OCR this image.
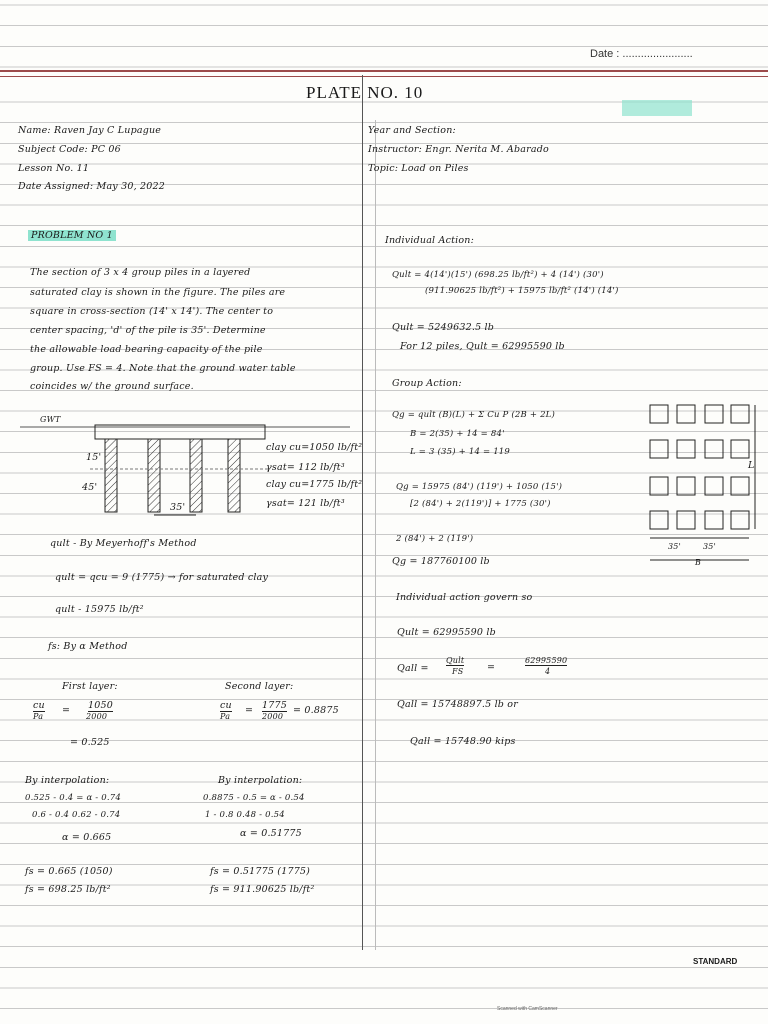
Date : .......................
PLATE NO. 10
Name: Raven Jay C Lupague
Subject Code: PC 06
Lesson No. 11
Date Assigned: May 30, 2022
Year and Section:
Instructor: Engr. Nerita M. Abarado
Topic: Load on Piles
PROBLEM NO 1
The section of 3 x 4 group piles in a layered
saturated clay is shown in the figure. The piles are
square in cross-section (14' x 14'). The center to
center spacing, 'd' of the pile is 35'. Determine
the allowable load bearing capacity of the pile
group. Use FS = 4. Note that the ground water table
coincides w/ the ground surface.
GWT
15'
45'
35'
clay cu=1050 lb/ft²
γsat= 112 lb/ft³
clay cu=1775 lb/ft²
γsat= 121 lb/ft³
qult - By Meyerhoff's Method
qult = qcu = 9 (1775) → for saturated clay
qult - 15975 lb/ft²
fs: By α Method
First layer:	Second layer:
cu
Pa
= 1050
2000
cu
Pa
= 1775
2000
= 0.8875
= 0.525
By interpolation:	By interpolation:
0.525 - 0.4 = α - 0.74
0.6 - 0.4 0.62 - 0.74
α = 0.665
0.8875 - 0.5 = α - 0.54
1 - 0.8 0.48 - 0.54
α = 0.51775
fs = 0.665 (1050)
fs = 698.25 lb/ft²
fs = 0.51775 (1775)
fs = 911.90625 lb/ft²
Individual Action:
Qult = 4(14')(15') (698.25 lb/ft²) + 4 (14') (30')
(911.90625 lb/ft²) + 15975 lb/ft² (14') (14')
Qult = 5249632.5 lb
For 12 piles, Qult = 62995590 lb
Group Action:
Qg = qult (B)(L) + Σ Cu P (2B + 2L)
B = 2(35) + 14 = 84'
L = 3 (35) + 14 = 119
Qg = 15975 (84') (119') + 1050 (15')
[2 (84') + 2(119')] + 1775 (30')
2 (84') + 2 (119')
Qg = 187760100 lb
L
35'	35'
B
Individual action govern so
Qult = 62995590 lb
Qall =
Qult
FS =
62995590
4
Qall = 15748897.5 lb or
Qall = 15748.90 kips
STANDARD
Scanned with CamScanner
